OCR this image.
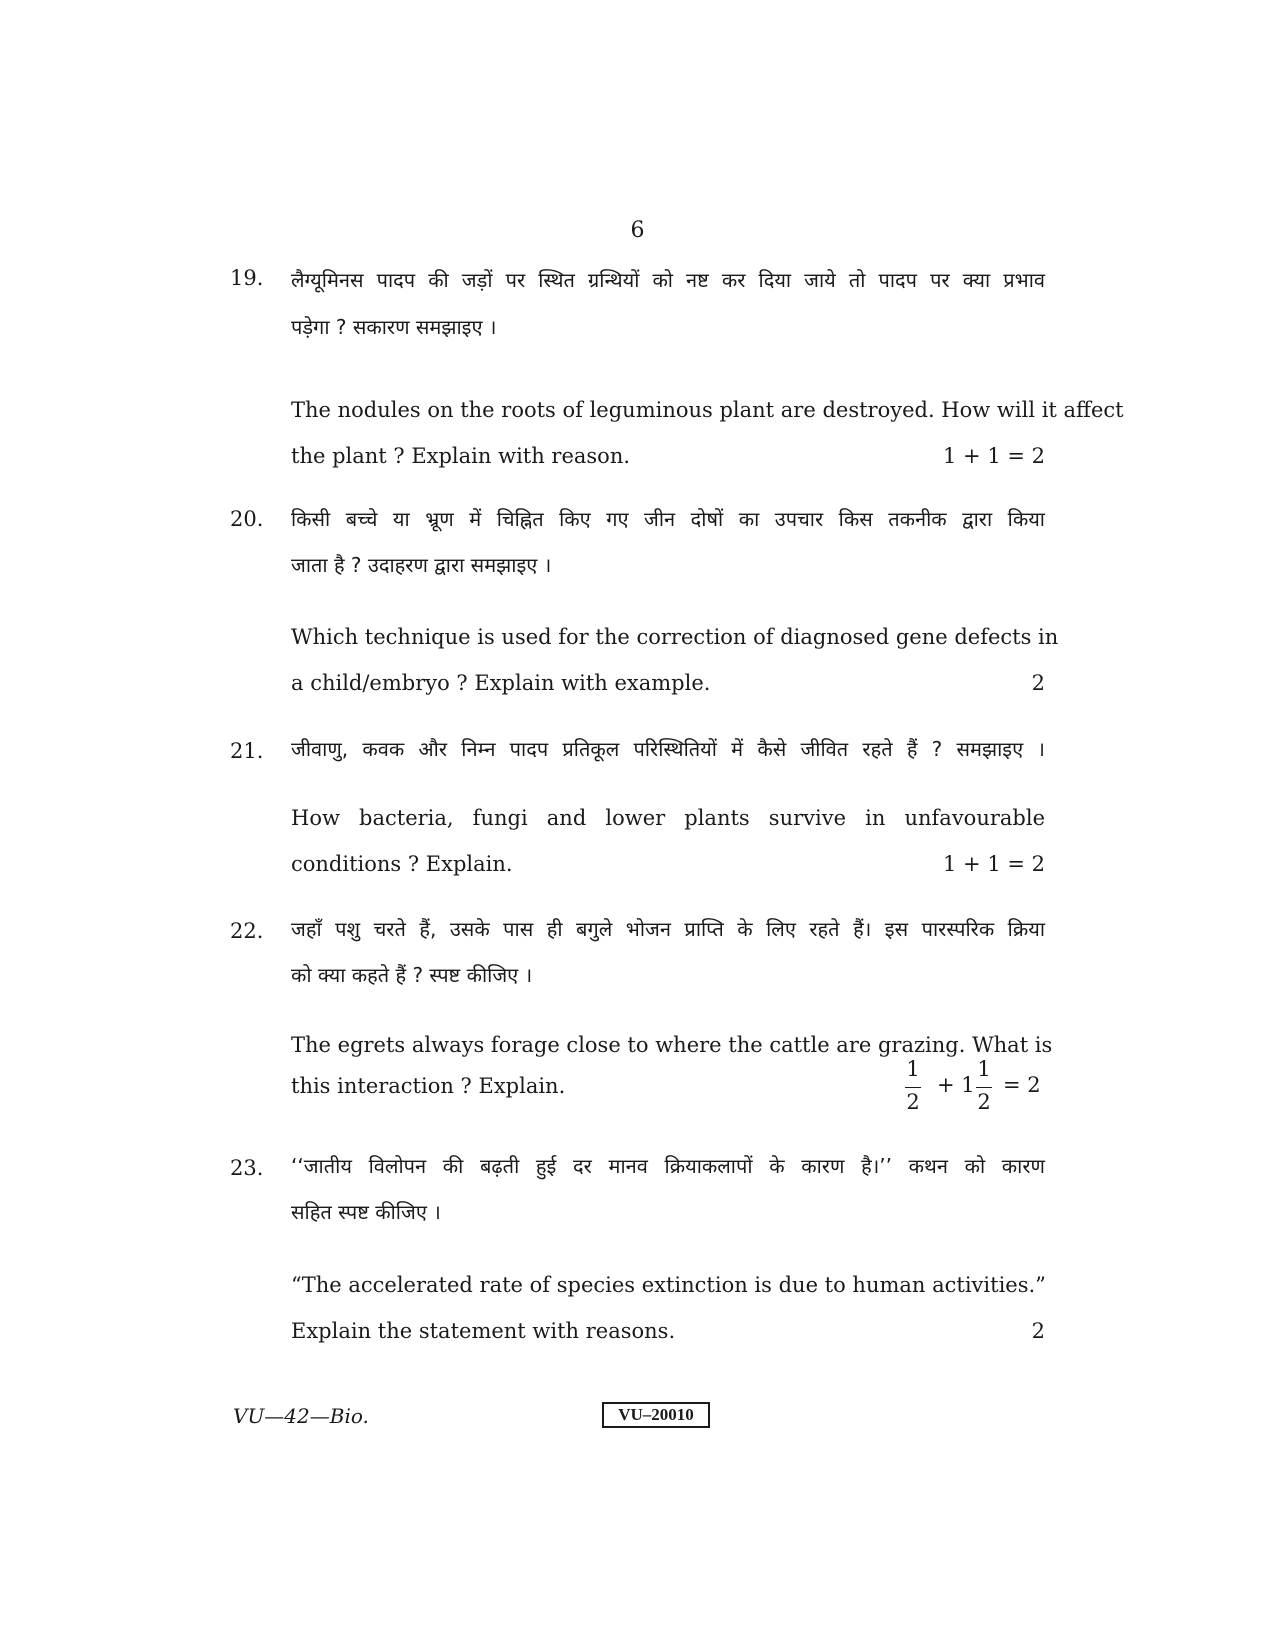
6
19. लैग्यूमिनस पादप की जड़ों पर स्थित ग्रन्थियों को नष्ट कर दिया जाये तो पादप पर क्या प्रभाव
पड़ेगा ? सकारण समझाइए ।
The nodules on the roots of leguminous plant are destroyed. How will it affect
the plant ? Explain with reason.	1 + 1 = 2
20. किसी बच्चे या भ्रूण में चिह्नित किए गए जीन दोषों का उपचार किस तकनीक द्वारा किया
जाता है ? उदाहरण द्वारा समझाइए ।
Which technique is used for the correction of diagnosed gene defects in
a child/embryo ? Explain with example.	2
21. जीवाणु, कवक और निम्न पादप प्रतिकूल परिस्थितियों में कैसे जीवित रहते हैं ? समझाइए ।
How bacteria, fungi and lower plants survive in unfavourable
conditions ? Explain.	1 + 1 = 2
22. जहाँ पशु चरते हैं, उसके पास ही बगुले भोजन प्राप्ति के लिए रहते हैं। इस पारस्परिक क्रिया
को क्या कहते हैं ? स्पष्ट कीजिए ।
The egrets always forage close to where the cattle are grazing. What is
this interaction ? Explain.
1
2
+ 1
1
2
= 2
23. ‘‘जातीय विलोपन की बढ़ती हुई दर मानव क्रियाकलापों के कारण है।’’ कथन को कारण
सहित स्पष्ट कीजिए ।
“The accelerated rate of species extinction is due to human activities.”
Explain the statement with reasons.	2
VU—42—Bio.	VU–20010
